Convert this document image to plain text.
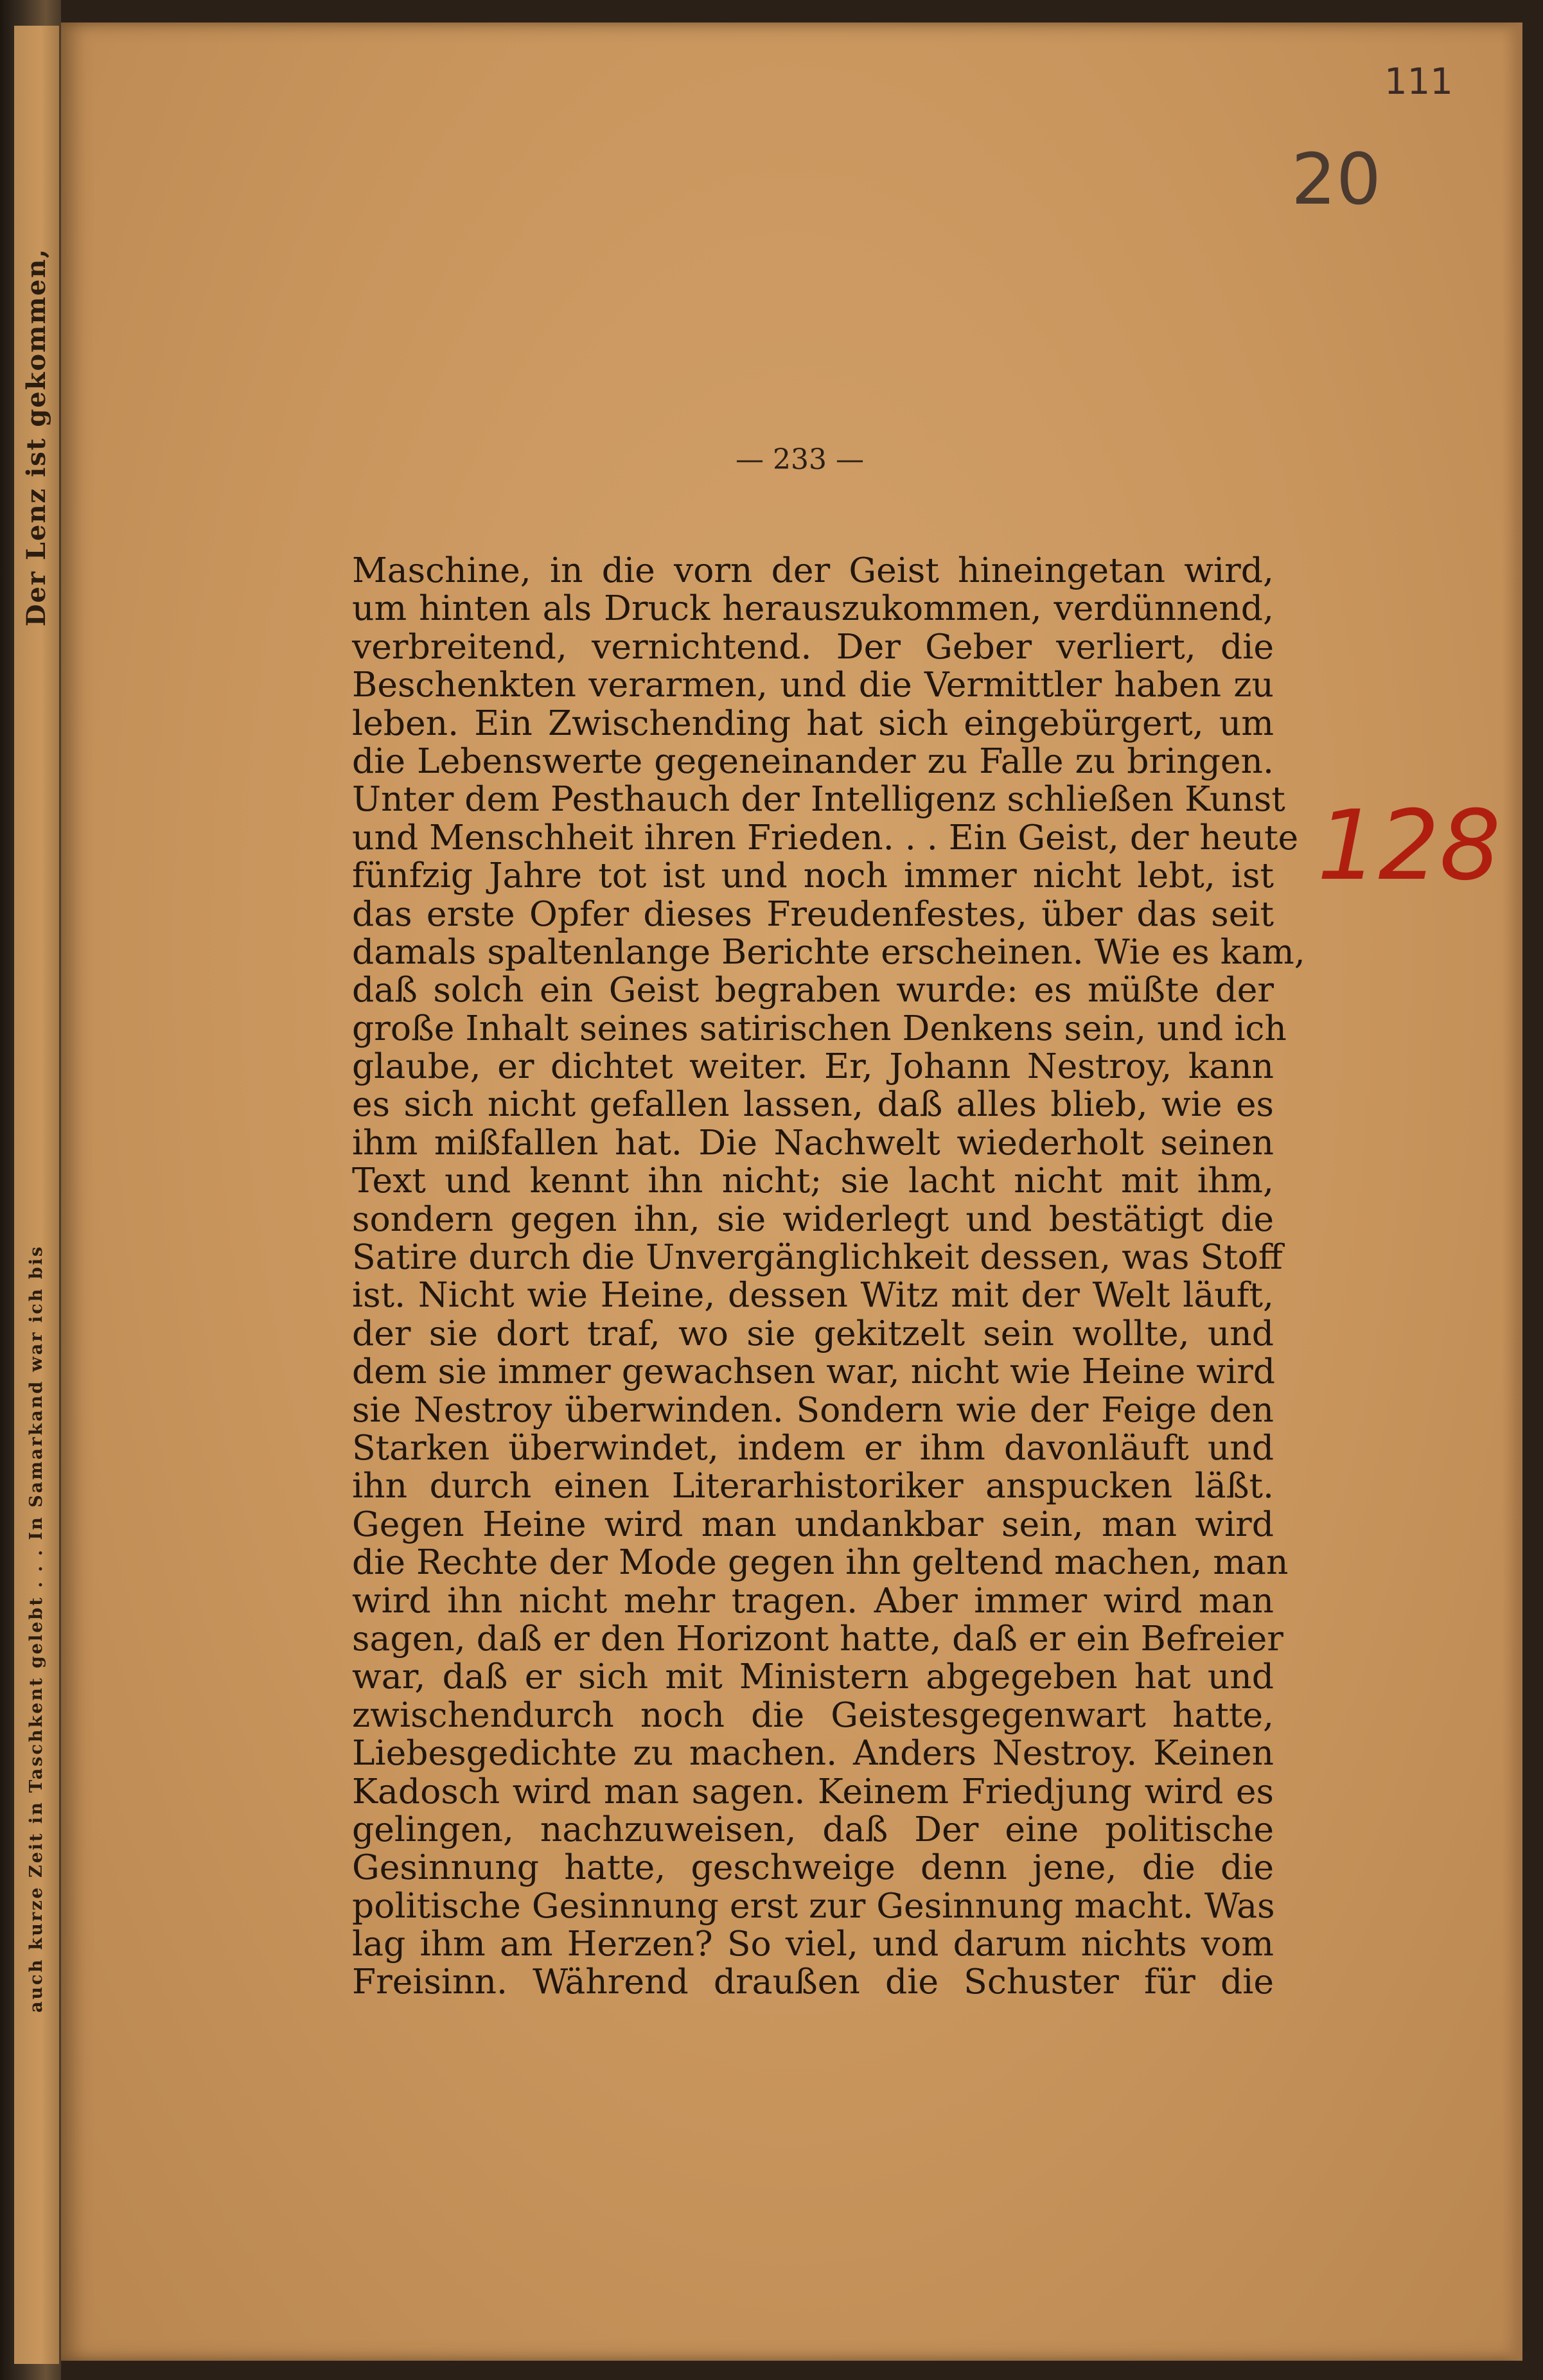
Der Lenz ist gekommen,
auch kurze Zeit in Taschkent gelebt . . . In Samarkand war ich bis
111
20
128
— 233 —
Maschine, in die vorn der Geist hineingetan wird,
um hinten als Druck herauszukommen, verdünnend,
verbreitend, vernichtend. Der Geber verliert, die
Beschenkten verarmen, und die Vermittler haben zu
leben. Ein Zwischending hat sich eingebürgert, um
die Lebenswerte gegeneinander zu Falle zu bringen.
Unter dem Pesthauch der Intelligenz schließen Kunst
und Menschheit ihren Frieden. . . Ein Geist, der heute
fünfzig Jahre tot ist und noch immer nicht lebt, ist
das erste Opfer dieses Freudenfestes, über das seit
damals spaltenlange Berichte erscheinen. Wie es kam,
daß solch ein Geist begraben wurde: es müßte der
große Inhalt seines satirischen Denkens sein, und ich
glaube, er dichtet weiter. Er, Johann Nestroy, kann
es sich nicht gefallen lassen, daß alles blieb, wie es
ihm mißfallen hat. Die Nachwelt wiederholt seinen
Text und kennt ihn nicht; sie lacht nicht mit ihm,
sondern gegen ihn, sie widerlegt und bestätigt die
Satire durch die Unvergänglichkeit dessen, was Stoff
ist. Nicht wie Heine, dessen Witz mit der Welt läuft,
der sie dort traf, wo sie gekitzelt sein wollte, und
dem sie immer gewachsen war, nicht wie Heine wird
sie Nestroy überwinden. Sondern wie der Feige den
Starken überwindet, indem er ihm davonläuft und
ihn durch einen Literarhistoriker anspucken läßt.
Gegen Heine wird man undankbar sein, man wird
die Rechte der Mode gegen ihn geltend machen, man
wird ihn nicht mehr tragen. Aber immer wird man
sagen, daß er den Horizont hatte, daß er ein Befreier
war, daß er sich mit Ministern abgegeben hat und
zwischendurch noch die Geistesgegenwart hatte,
Liebesgedichte zu machen. Anders Nestroy. Keinen
Kadosch wird man sagen. Keinem Friedjung wird es
gelingen, nachzuweisen, daß Der eine politische
Gesinnung hatte, geschweige denn jene, die die
politische Gesinnung erst zur Gesinnung macht. Was
lag ihm am Herzen? So viel, und darum nichts vom
Freisinn. Während draußen die Schuster für die
